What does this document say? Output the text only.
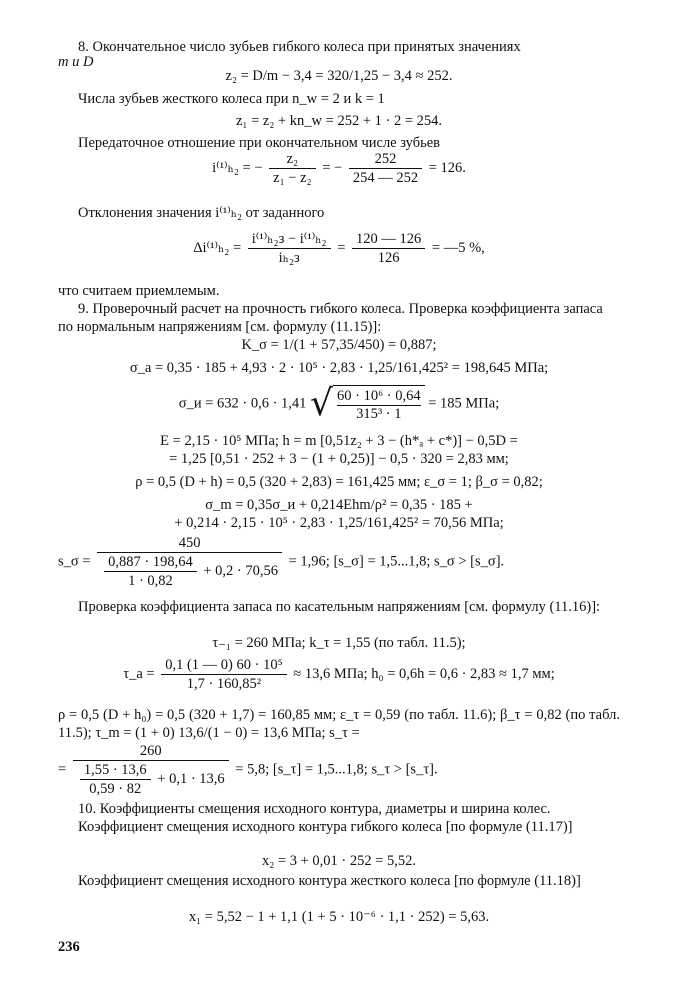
8. Окончательное число зубьев гибкого колеса при принятых значениях
m и D
z₂ = D/m − 3,4 = 320/1,25 − 3,4 ≈ 252.
Числа зубьев жесткого колеса при n_w = 2 и k = 1
z₁ = z₂ + kn_w = 252 + 1 · 2 = 254.
Передаточное отношение при окончательном числе зубьев
i⁽¹⁾ₕ₂ = − $\frac{\text{z₂}}{\text{z₁ − z₂}}$ = − $\frac{252}{254 — 252} = 126$.
Отклонения значения i⁽¹⁾ₕ₂ от заданного
$\Delta i^{(1)}_{h2} = \frac{\text{i⁽¹⁾ₕ₂з − i⁽¹⁾ₕ₂}}{\text{iₕ₂з}} = \frac{120 — 126}{126}$ = —5 %,
что считаем приемлемым.
9. Проверочный расчет на прочность гибкого колеса. Проверка коэффициента запаса по нормальным напряжениям [см. формулу (11.15)]:
K_σ = 1/(1 + 57,35/450) = 0,887;
σ_a = 0,35 · 185 + 4,93 · 2 · 10⁵ · 2,83 · 1,25/161,425² = 198,645 МПа;
σ_и = 632 · 0,6 · 1,41 √ $\frac{\text{60 · 10⁶ · 0,64}}{\text{315³ · 1}} = 185$ МПа;
E = 2,15 · 10⁵ МПа; h = m [0,51z₂ + 3 − (h*ₐ + c*)] − 0,5D =
= 1,25 [0,51 · 252 + 3 − (1 + 0,25)] − 0,5 · 320 = 2,83 мм;
ρ = 0,5 (D + h) = 0,5 (320 + 2,83) = 161,425 мм; ε_σ = 1; β_σ = 0,82;
σ_m = 0,35σ_и + 0,214Ehm/ρ² = 0,35 · 185 +
+ 0,214 · 2,15 · 10⁵ · 2,83 · 1,25/161,425² = 70,56 МПа;
s_σ = $\frac{450}{\frac{0,887 \cdot 198,64}{1 \cdot 0,82} + 0,2 \cdot 70,56} = 1,96$; [s_σ] = 1,5...1,8; s_σ > [s_σ].
Проверка коэффициента запаса по касательным напряжениям [см. формулу (11.16)]:
τ₋₁ = 260 МПа; k_τ = 1,55 (по табл. 11.5);
τ_a = $\frac{\text{0,1 (1 — 0) 60 · 10⁵}}{\text{1,7 · 160,85²}} \approx 13,6$ МПа; h₀ = 0,6h = 0,6 · 2,83 ≈ 1,7 мм;
ρ = 0,5 (D + h₀) = 0,5 (320 + 1,7) = 160,85 мм; ε_τ = 0,59 (по табл. 11.6); β_τ = 0,82 (по табл. 11.5); τ_m = (1 + 0) 13,6/(1 − 0) = 13,6 МПа; s_τ =
= $\frac{260}{\frac{1,55 \cdot 13,6}{0,59 \cdot 82} + 0,1 \cdot 13,6} = 5,8$; [s_τ] = 1,5...1,8; s_τ > [s_τ].
10. Коэффициенты смещения исходного контура, диаметры и ширина колес.
Коэффициент смещения исходного контура гибкого колеса [по формуле (11.17)]
x₂ = 3 + 0,01 · 252 = 5,52.
Коэффициент смещения исходного контура жесткого колеса [по формуле (11.18)]
x₁ = 5,52 − 1 + 1,1 (1 + 5 · 10⁻⁶ · 1,1 · 252) = 5,63.
236
